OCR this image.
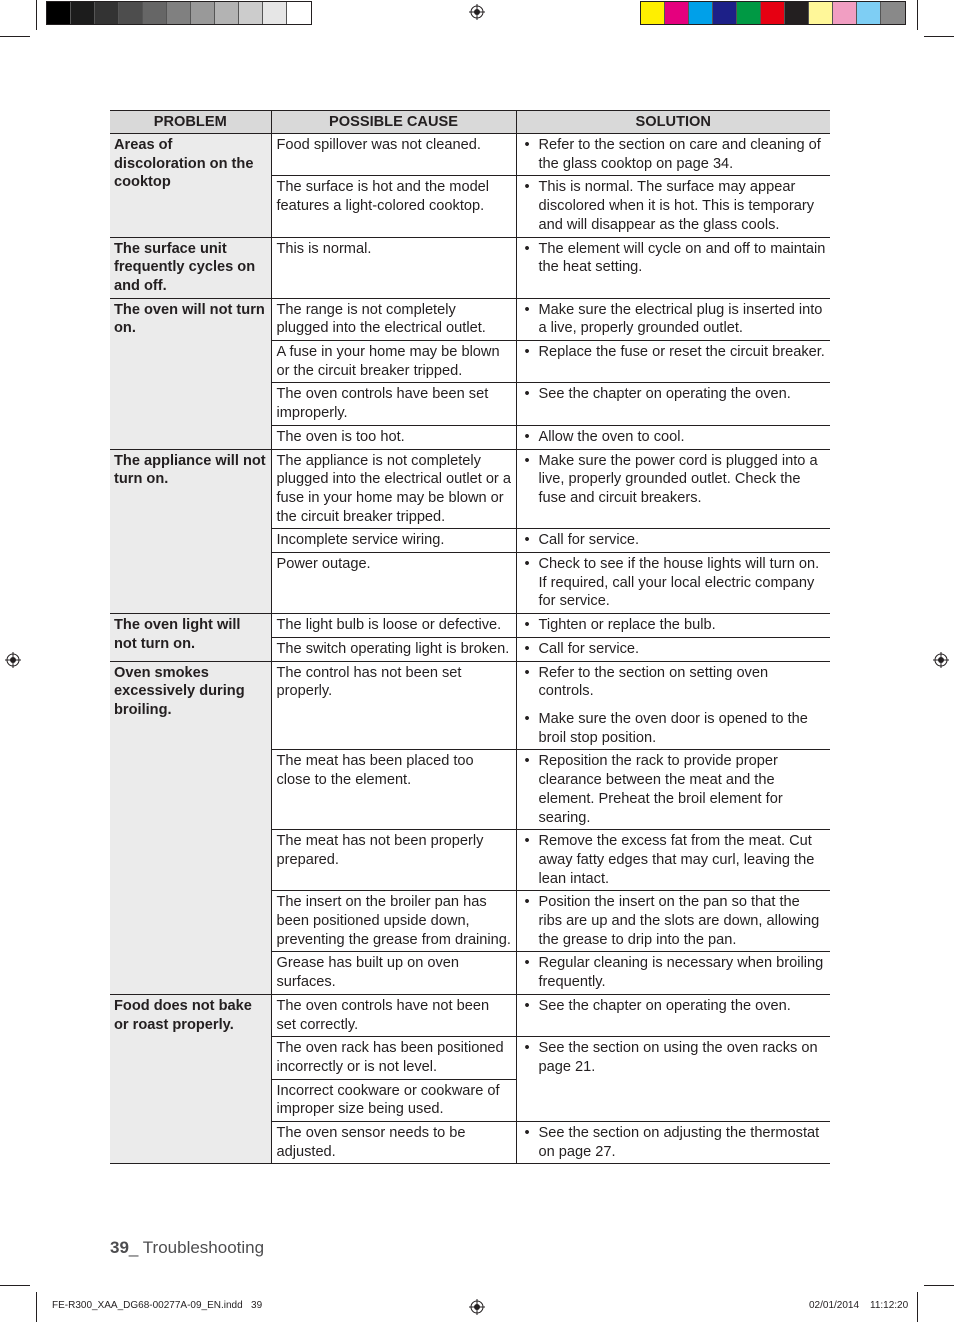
PROBLEM	POSSIBLE CAUSE	SOLUTION
Areas of discoloration on the cooktop	Food spillover was not cleaned.	• Refer to the section on care and cleaning of the glass cooktop on page 34.

	The surface is hot and the model features a light-colored cooktop.	• This is normal. The surface may appear discolored when it is hot. This is temporary and will disappear as the glass cools.

The surface unit frequently cycles on and off.	This is normal.	• The element will cycle on and off to maintain the heat setting.

The oven will not turn on.	The range is not completely plugged into the electrical outlet.	• Make sure the electrical plug is inserted into a live, properly grounded outlet.

	A fuse in your home may be blown or the circuit breaker tripped.	• Replace the fuse or reset the circuit breaker.

	The oven controls have been set improperly.	• See the chapter on operating the oven.

	The oven is too hot.	• Allow the oven to cool.

The appliance will not turn on.	The appliance is not completely plugged into the electrical outlet or a fuse in your home may be blown or the circuit breaker tripped.	• Make sure the power cord is plugged into a live, properly grounded outlet. Check the fuse and circuit breakers.

	Incomplete service wiring.	• Call for service.

	Power outage.	• Check to see if the house lights will turn on. If required, call your local electric company for service.

The oven light will not turn on.	The light bulb is loose or defective.	• Tighten or replace the bulb.

	The switch operating light is broken.	• Call for service.

Oven smokes excessively during broiling.	The control has not been set properly.	• Refer to the section on setting oven controls.
• Make sure the oven door is opened to the broil stop position.

	The meat has been placed too close to the element.	• Reposition the rack to provide proper clearance between the meat and the element. Preheat the broil element for searing.

	The meat has not been properly prepared.	• Remove the excess fat from the meat. Cut away fatty edges that may curl, leaving the lean intact.

	The insert on the broiler pan has been positioned upside down, preventing the grease from draining.	• Position the insert on the pan so that the ribs are up and the slots are down, allowing the grease to drip into the pan.

	Grease has built up on oven surfaces.	• Regular cleaning is necessary when broiling frequently.

Food does not bake or roast properly.	The oven controls have not been set correctly.	• See the chapter on operating the oven.

	The oven rack has been positioned incorrectly or is not level.	• See the section on using the oven racks on page 21.

	Incorrect cookware or cookware of improper size being used.	
	The oven sensor needs to be adjusted.	• See the section on adjusting the thermostat on page 27.
39_ Troubleshooting
FE-R300_XAA_DG68-00277A-09_EN.indd   39	02/01/2014 11:12:20
